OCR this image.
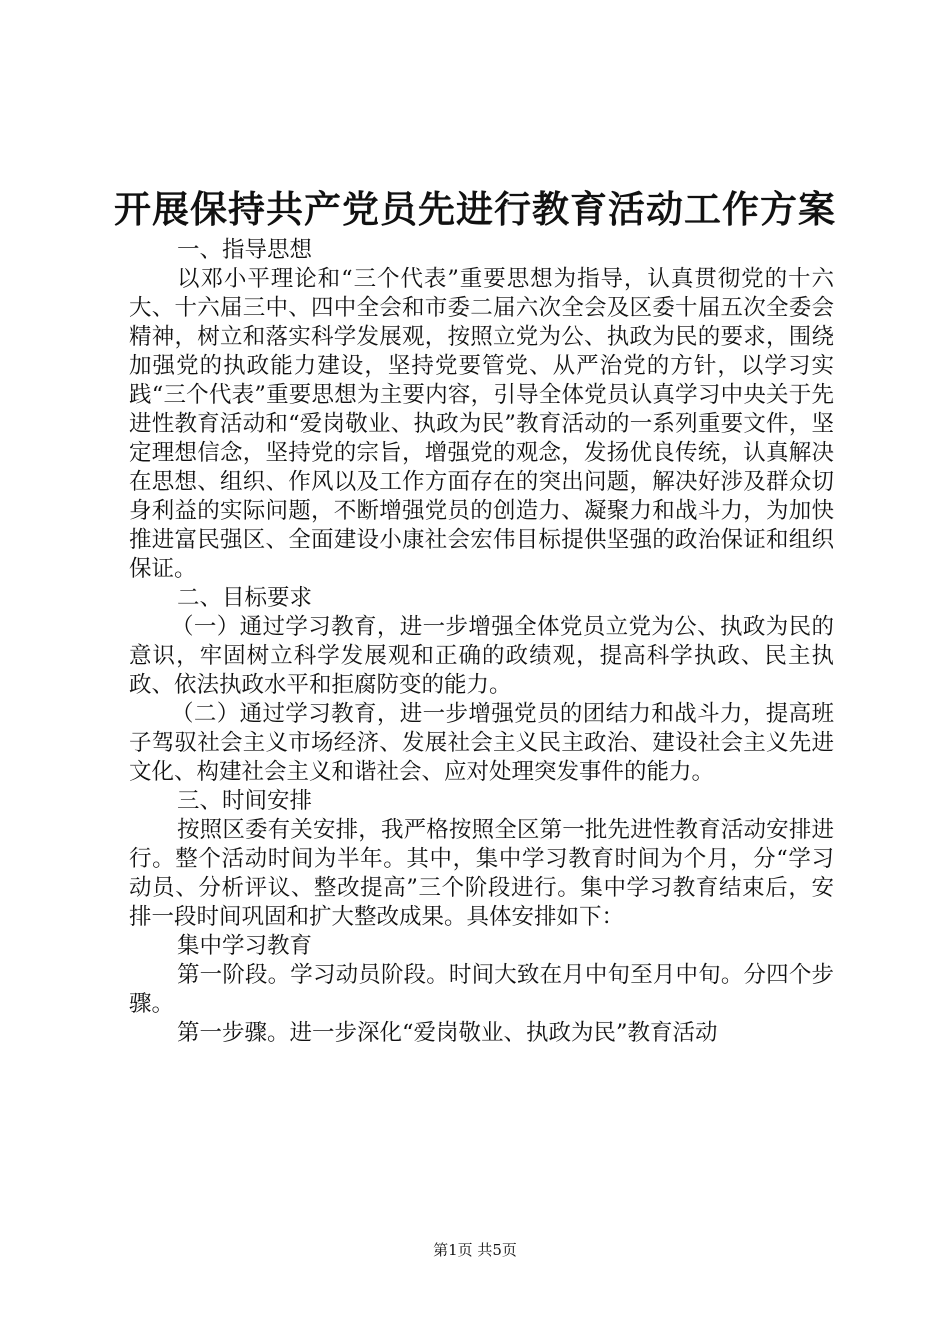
开展保持共产党员先进行教育活动工作方案

一、指导思想

以邓小平理论和“三个代表”重要思想为指导，认真贯彻党的十六大、十六届三中、四中全会和市委二届六次全会及区委十届五次全委会精神，树立和落实科学发展观，按照立党为公、执政为民的要求，围绕加强党的执政能力建设，坚持党要管党、从严治党的方针，以学习实践“三个代表”重要思想为主要内容，引导全体党员认真学习中央关于先进性教育活动和“爱岗敬业、执政为民”教育活动的一系列重要文件，坚定理想信念，坚持党的宗旨，增强党的观念，发扬优良传统，认真解决在思想、组织、作风以及工作方面存在的突出问题，解决好涉及群众切身利益的实际问题，不断增强党员的创造力、凝聚力和战斗力，为加快推进富民强区、全面建设小康社会宏伟目标提供坚强的政治保证和组织保证。

二、目标要求

（一）通过学习教育，进一步增强全体党员立党为公、执政为民的意识，牢固树立科学发展观和正确的政绩观，提高科学执政、民主执政、依法执政水平和拒腐防变的能力。

（二）通过学习教育，进一步增强党员的团结力和战斗力，提高班子驾驭社会主义市场经济、发展社会主义民主政治、建设社会主义先进文化、构建社会主义和谐社会、应对处理突发事件的能力。

三、时间安排

按照区委有关安排，我严格按照全区第一批先进性教育活动安排进行。整个活动时间为半年。其中，集中学习教育时间为个月，分“学习动员、分析评议、整改提高”三个阶段进行。集中学习教育结束后，安排一段时间巩固和扩大整改成果。具体安排如下：

集中学习教育

第一阶段。学习动员阶段。时间大致在月中旬至月中旬。分四个步骤。

第一步骤。进一步深化“爱岗敬业、执政为民”教育活动

第1页 共5页
